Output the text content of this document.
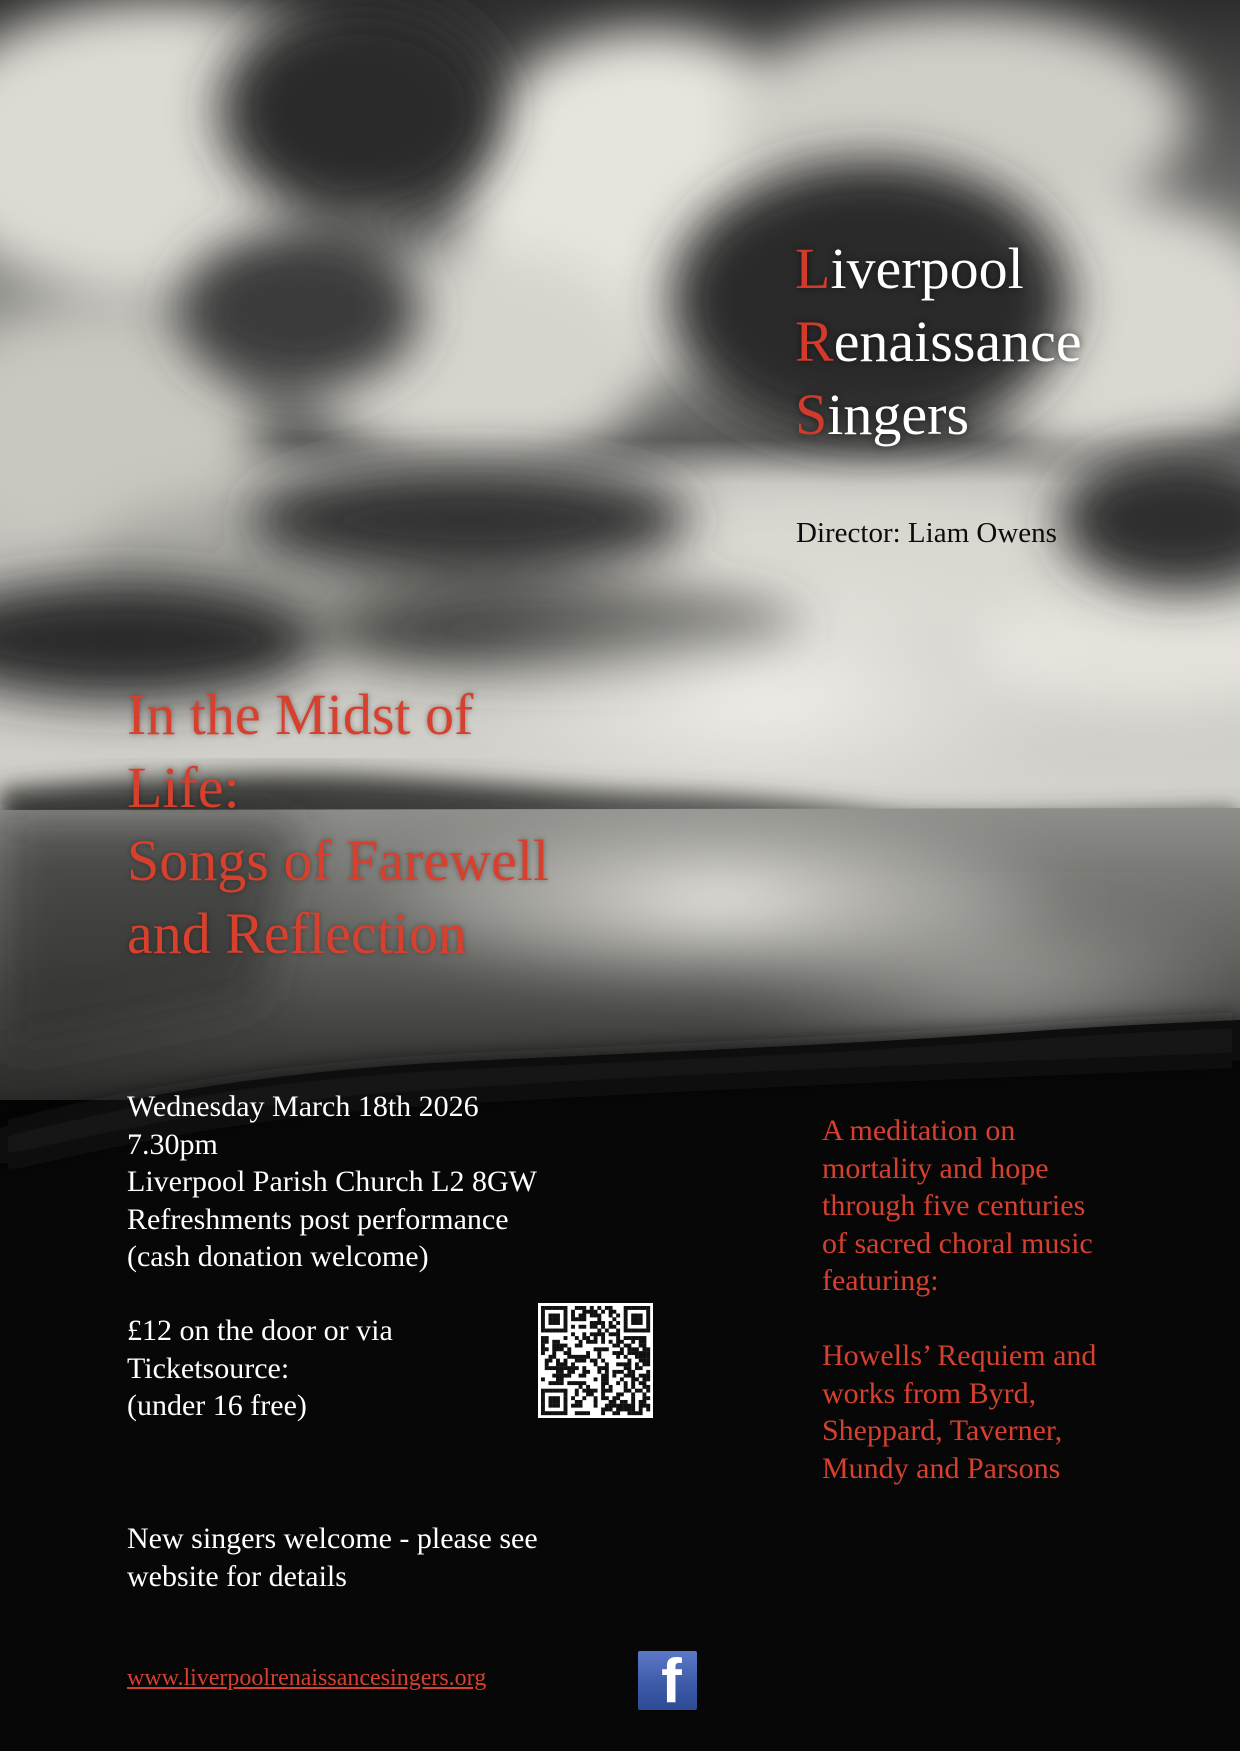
Liverpool
Renaissance
Singers

Director: Liam Owens

In the Midst of
Life:
Songs of Farewell
and Reflection
Wednesday March 18th 2026
7.30pm
Liverpool Parish Church L2 8GW
Refreshments post performance
(cash donation welcome)
£12 on the door or via
Ticketsource:
(under 16 free)
A meditation on
mortality and hope
through five centuries
of sacred choral music
featuring:
Howells’ Requiem and
works from Byrd,
Sheppard, Taverner,
Mundy and Parsons
New singers welcome - please see
website for details
www.liverpoolrenaissancesingers.org	f
